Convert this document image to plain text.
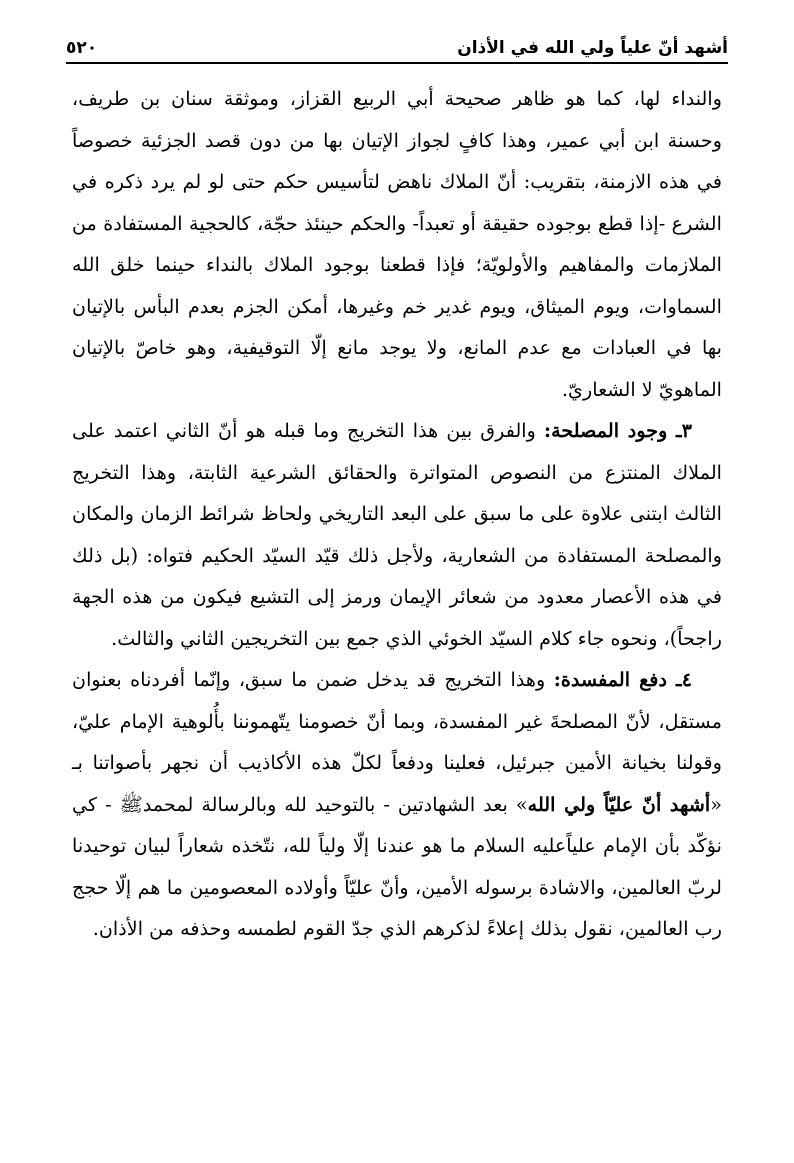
أشهد أنّ علياً ولي الله في الأذان
٥٢٠

والنداء لها، كما هو ظاهر صحيحة أبي الربيع القزاز، وموثقة سنان بن طريف، وحسنة ابن أبي عمير، وهذا كافٍ لجواز الإتيان بها من دون قصد الجزئية خصوصاً في هذه الازمنة، بتقريب: أنّ الملاك ناهض لتأسيس حكم حتى لو لم يرد ذكره في الشرع -إذا قطع بوجوده حقيقة أو تعبداً- والحكم حينئذ حجّة، كالحجية المستفادة من الملازمات والمفاهيم والأولويّة؛ فإذا قطعنا بوجود الملاك بالنداء حينما خلق الله السماوات، ويوم الميثاق، ويوم غدير خم وغيرها، أمكن الجزم بعدم البأس بالإتيان بها في العبادات مع عدم المانع، ولا يوجد مانع إلّا التوقيفية، وهو خاصّ بالإتيان الماهويّ لا الشعاريّ.

٣ـ وجود المصلحة: والفرق بين هذا التخريج وما قبله هو أنّ الثاني اعتمد على الملاك المنتزع من النصوص المتواترة والحقائق الشرعية الثابتة، وهذا التخريج الثالث ابتنى علاوة على ما سبق على البعد التاريخي ولحاظ شرائط الزمان والمكان والمصلحة المستفادة من الشعارية، ولأجل ذلك قيّد السيّد الحكيم فتواه: (بل ذلك في هذه الأعصار معدود من شعائر الإيمان ورمز إلى التشيع فيكون من هذه الجهة راجحاً)، ونحوه جاء كلام السيّد الخوئي الذي جمع بين التخريجين الثاني والثالث.

٤ـ دفع المفسدة: وهذا التخريج قد يدخل ضمن ما سبق، وإنّما أفردناه بعنوان مستقل، لأنّ المصلحةَ غير المفسدة، وبما أنّ خصومنا يتّهموننا بأُلوهية الإمام عليّ، وقولنا بخيانة الأمين جبرئيل، فعلينا ودفعاً لكلّ هذه الأكاذيب أن نجهر بأصواتنا بـ «أشهد أنّ عليّاً ولي الله» بعد الشهادتين - بالتوحيد لله وبالرسالة لمحمدﷺ - كي نؤكّد بأن الإمام علياًعليه السلام ما هو عندنا إلّا ولياً لله، نتّخذه شعاراً لبيان توحيدنا لربّ العالمين، والاشادة برسوله الأمين، وأنّ عليّاً وأولاده المعصومين ما هم إلّا حجج رب العالمين، نقول بذلك إعلاءً لذكرهم الذي جدّ القوم لطمسه وحذفه من الأذان.
